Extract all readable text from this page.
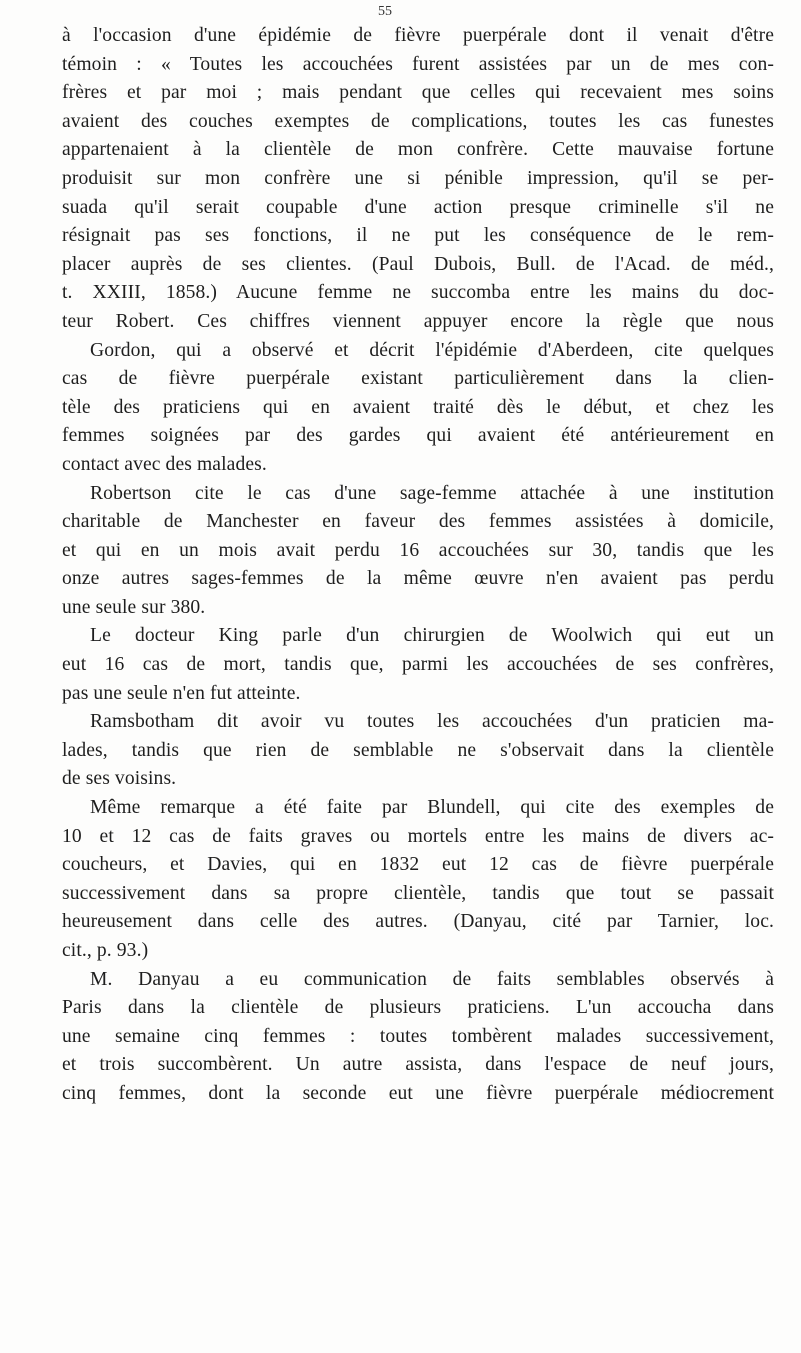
55
à l'occasion d'une épidémie de fièvre puerpérale dont il venait d'être
témoin : « Toutes les accouchées furent assistées par un de mes con-
frères et par moi ; mais pendant que celles qui recevaient mes soins
avaient des couches exemptes de complications, toutes les cas funestes
appartenaient à la clientèle de mon confrère. Cette mauvaise fortune
produisit sur mon confrère une si pénible impression, qu'il se per-
suada qu'il serait coupable d'une action presque criminelle s'il ne
résignait pas ses fonctions, il ne put les conséquence de le rem-
placer auprès de ses clientes. (Paul Dubois, Bull. de l'Acad. de méd.,
t. XXIII, 1858.) Aucune femme ne succomba entre les mains du doc-
teur Robert. Ces chiffres viennent appuyer encore la règle que nous
Gordon, qui a observé et décrit l'épidémie d'Aberdeen, cite quelques
cas de fièvre puerpérale existant particulièrement dans la clien-
tèle des praticiens qui en avaient traité dès le début, et chez les
femmes soignées par des gardes qui avaient été antérieurement en
contact avec des malades.
Robertson cite le cas d'une sage-femme attachée à une institution
charitable de Manchester en faveur des femmes assistées à domicile,
et qui en un mois avait perdu 16 accouchées sur 30, tandis que les
onze autres sages-femmes de la même œuvre n'en avaient pas perdu
une seule sur 380.
Le docteur King parle d'un chirurgien de Woolwich qui eut un
eut 16 cas de mort, tandis que, parmi les accouchées de ses confrères,
pas une seule n'en fut atteinte.
Ramsbotham dit avoir vu toutes les accouchées d'un praticien ma-
lades, tandis que rien de semblable ne s'observait dans la clientèle
de ses voisins.
Même remarque a été faite par Blundell, qui cite des exemples de
10 et 12 cas de faits graves ou mortels entre les mains de divers ac-
coucheurs, et Davies, qui en 1832 eut 12 cas de fièvre puerpérale
successivement dans sa propre clientèle, tandis que tout se passait
heureusement dans celle des autres. (Danyau, cité par Tarnier, loc.
cit., p. 93.)
M. Danyau a eu communication de faits semblables observés à
Paris dans la clientèle de plusieurs praticiens. L'un accoucha dans
une semaine cinq femmes : toutes tombèrent malades successivement,
et trois succombèrent. Un autre assista, dans l'espace de neuf jours,
cinq femmes, dont la seconde eut une fièvre puerpérale médiocrement
